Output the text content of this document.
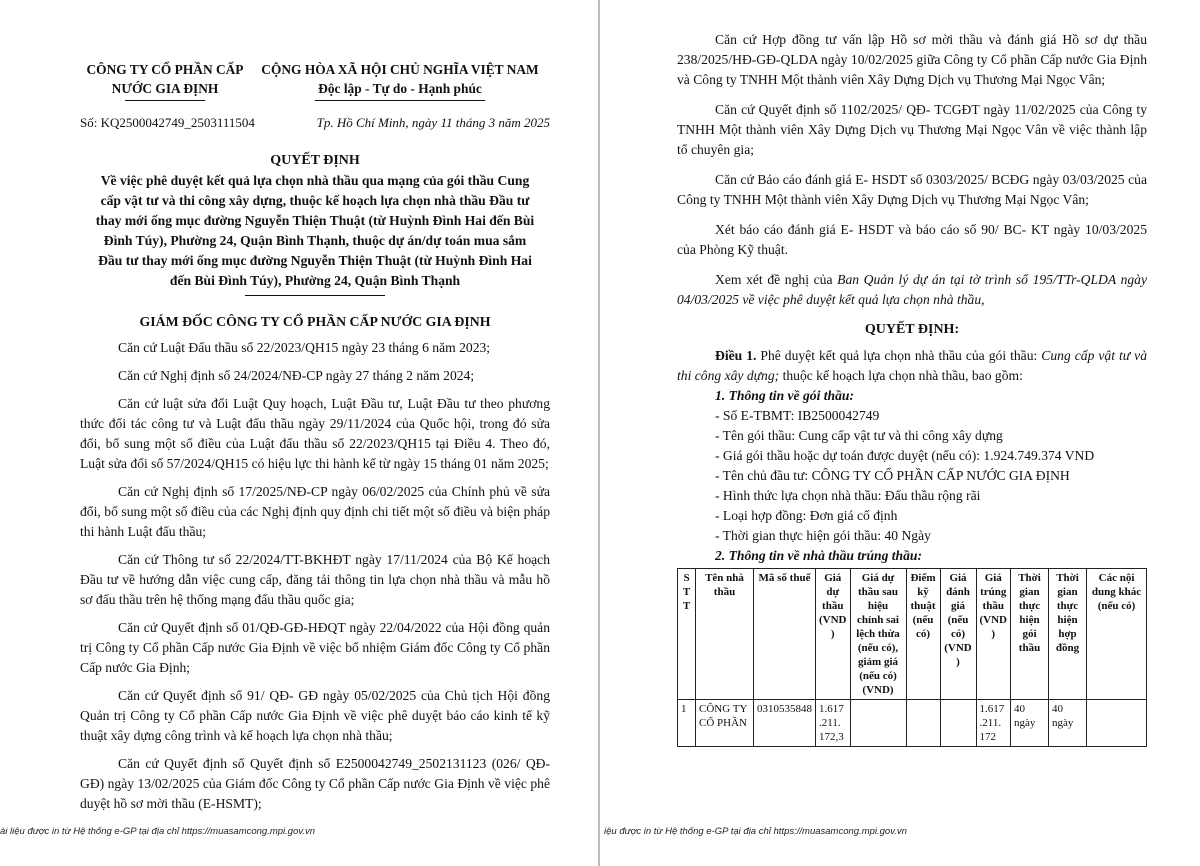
CÔNG TY CỔ PHẦN CẤP
NƯỚC GIA ĐỊNH
CỘNG HÒA XÃ HỘI CHỦ NGHĨA VIỆT NAM
Độc lập - Tự do - Hạnh phúc
Số: KQ2500042749_2503111504	Tp. Hồ Chí Minh, ngày 11 tháng 3 năm 2025
QUYẾT ĐỊNH
Về việc phê duyệt kết quả lựa chọn nhà thầu qua mạng của gói thầu Cung cấp vật tư và thi công xây dựng, thuộc kế hoạch lựa chọn nhà thầu Đầu tư thay mới ống mục đường Nguyễn Thiện Thuật (từ Huỳnh Đình Hai đến Bùi Đình Túy), Phường 24, Quận Bình Thạnh, thuộc dự án/dự toán mua sắm Đầu tư thay mới ống mục đường Nguyễn Thiện Thuật (từ Huỳnh Đình Hai đến Bùi Đình Túy), Phường 24, Quận Bình Thạnh
GIÁM ĐỐC CÔNG TY CỔ PHẦN CẤP NƯỚC GIA ĐỊNH

Căn cứ Luật Đấu thầu số 22/2023/QH15 ngày 23 tháng 6 năm 2023;

Căn cứ Nghị định số 24/2024/NĐ-CP ngày 27 tháng 2 năm 2024;

Căn cứ luật sửa đổi Luật Quy hoạch, Luật Đầu tư, Luật Đầu tư theo phương thức đối tác công tư và Luật đấu thầu ngày 29/11/2024 của Quốc hội, trong đó sửa đổi, bổ sung một số điều của Luật đấu thầu số 22/2023/QH15 tại Điều 4. Theo đó, Luật sửa đổi số 57/2024/QH15 có hiệu lực thi hành kể từ ngày 15 tháng 01 năm 2025;

Căn cứ Nghị định số 17/2025/NĐ-CP ngày 06/02/2025 của Chính phủ về sửa đổi, bổ sung một số điều của các Nghị định quy định chi tiết một số điều và biện pháp thi hành Luật đấu thầu;

Căn cứ Thông tư số 22/2024/TT-BKHĐT ngày 17/11/2024 của Bộ Kế hoạch Đầu tư về hướng dẫn việc cung cấp, đăng tải thông tin lựa chọn nhà thầu và mẫu hồ sơ đấu thầu trên hệ thống mạng đấu thầu quốc gia;

Căn cứ Quyết định số 01/QĐ-GĐ-HĐQT ngày 22/04/2022 của Hội đồng quản trị Công ty Cổ phần Cấp nước Gia Định về việc bổ nhiệm Giám đốc Công ty Cổ phần Cấp nước Gia Định;

Căn cứ Quyết định số 91/ QĐ- GĐ ngày 05/02/2025 của Chủ tịch Hội đồng Quản trị Công ty Cổ phần Cấp nước Gia Định về việc phê duyệt báo cáo kinh tế kỹ thuật xây dựng công trình và kế hoạch lựa chọn nhà thầu;

Căn cứ Quyết định số Quyết định số E2500042749_2502131123 (026/ QĐ-GĐ) ngày 13/02/2025 của Giám đốc Công ty Cổ phần Cấp nước Gia Định về việc phê duyệt hồ sơ mời thầu (E-HSMT);

ài liệu được in từ Hệ thống e-GP tại địa chỉ https://muasamcong.mpi.gov.vn

Căn cứ Hợp đồng tư vấn lập Hồ sơ mời thầu và đánh giá Hồ sơ dự thầu 238/2025/HĐ-GĐ-QLDA ngày 10/02/2025 giữa Công ty Cổ phần Cấp nước Gia Định và Công ty TNHH Một thành viên Xây Dựng Dịch vụ Thương Mại Ngọc Vân;

Căn cứ Quyết định số 1102/2025/ QĐ- TCGĐT ngày 11/02/2025 của Công ty TNHH Một thành viên Xây Dựng Dịch vụ Thương Mại Ngọc Vân về việc thành lập tổ chuyên gia;

Căn cứ Báo cáo đánh giá E- HSDT số 0303/2025/ BCĐG ngày 03/03/2025 của Công ty TNHH Một thành viên Xây Dựng Dịch vụ Thương Mại Ngọc Vân;

Xét báo cáo đánh giá E- HSDT và báo cáo số 90/ BC- KT ngày 10/03/2025 của Phòng Kỹ thuật.

Xem xét đề nghị của Ban Quản lý dự án tại tờ trình số 195/TTr-QLDA ngày 04/03/2025 về việc phê duyệt kết quả lựa chọn nhà thầu,

QUYẾT ĐỊNH:

Điều 1. Phê duyệt kết quả lựa chọn nhà thầu của gói thầu: Cung cấp vật tư và thi công xây dựng; thuộc kế hoạch lựa chọn nhà thầu, bao gồm:

1. Thông tin về gói thầu:
- Số E-TBMT: IB2500042749
- Tên gói thầu: Cung cấp vật tư và thi công xây dựng
- Giá gói thầu hoặc dự toán được duyệt (nếu có): 1.924.749.374 VND
- Tên chủ đầu tư: CÔNG TY CỔ PHẦN CẤP NƯỚC GIA ĐỊNH
- Hình thức lựa chọn nhà thầu: Đấu thầu rộng rãi
- Loại hợp đồng: Đơn giá cố định
- Thời gian thực hiện gói thầu: 40 Ngày
2. Thông tin về nhà thầu trúng thầu:
S T T	Tên nhà thầu	Mã số thuế	Giá dự thầu (VND )	Giá dự thầu sau hiệu chỉnh sai lệch thừa (nếu có), giảm giá (nếu có) (VND)	Điểm kỹ thuật (nếu có)	Giá đánh giá (nếu có) (VND )	Giá trúng thầu (VND )	Thời gian thực hiện gói thầu	Thời gian thực hiện hợp đồng	Các nội dung khác (nếu có)
1	CÔNG TY CỔ PHẦN	0310535848	1.617 .211. 172,3				1.617 .211. 172	40 ngày	40 ngày	
iệu được in từ Hệ thống e-GP tại địa chỉ https://muasamcong.mpi.gov.vn
